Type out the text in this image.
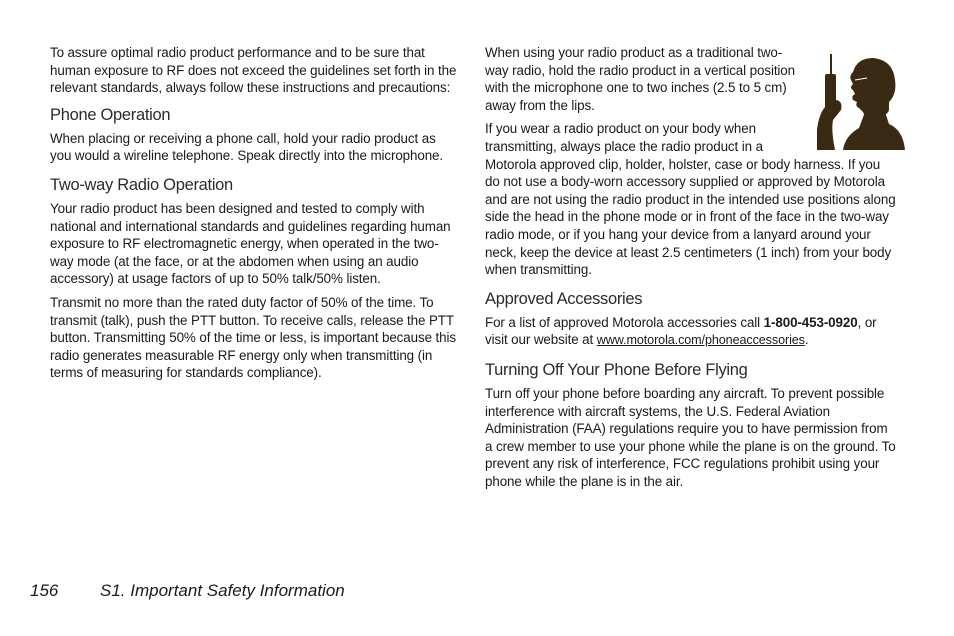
To assure optimal radio product performance and to be sure that human exposure to RF does not exceed the guidelines set forth in the relevant standards, always follow these instructions and precautions:

Phone Operation

When placing or receiving a phone call, hold your radio product as you would a wireline telephone. Speak directly into the microphone.

Two-way Radio Operation

Your radio product has been designed and tested to comply with national and international standards and guidelines regarding human exposure to RF electromagnetic energy, when operated in the two-way mode (at the face, or at the abdomen when using an audio accessory) at usage factors of up to 50% talk/50% listen.

Transmit no more than the rated duty factor of 50% of the time. To transmit (talk), push the PTT button. To receive calls, release the PTT button. Transmitting 50% of the time or less, is important because this radio generates measurable RF energy only when transmitting (in terms of measuring for standards compliance).

When using your radio product as a traditional two-way radio, hold the radio product in a vertical position with the microphone one to two inches (2.5 to 5 cm) away from the lips.

If you wear a radio product on your body when transmitting, always place the radio product in a Motorola approved clip, holder, holster, case or body harness. If you do not use a body-worn accessory supplied or approved by Motorola and are not using the radio product in the intended use positions along side the head in the phone mode or in front of the face in the two-way radio mode, or if you hang your device from a lanyard around your neck, keep the device at least 2.5 centimeters (1 inch) from your body when transmitting.

Approved Accessories

For a list of approved Motorola accessories call 1-800-453-0920, or visit our website at www.motorola.com/phoneaccessories.

Turning Off Your Phone Before Flying

Turn off your phone before boarding any aircraft. To prevent possible interference with aircraft systems, the U.S. Federal Aviation Administration (FAA) regulations require you to have permission from a crew member to use your phone while the plane is on the ground. To prevent any risk of interference, FCC regulations prohibit using your phone while the plane is in the air.

156 S1. Important Safety Information
